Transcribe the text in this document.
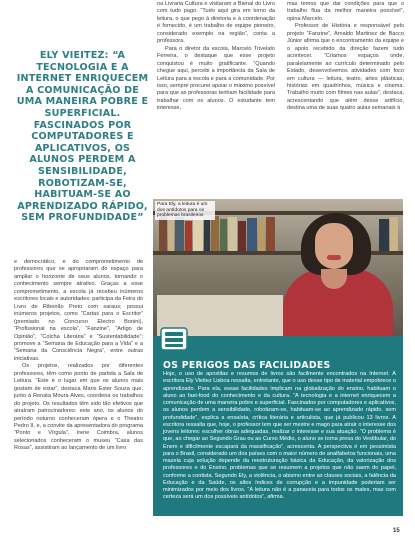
ELY VIEITEZ: “A TECNOLOGIA E A INTERNET ENRIQUECEM A COMUNICAÇÃO DE UMA MANEIRA POBRE E SUPERFICIAL. FASCINADOS POR COMPUTADORES E APLICATIVOS, OS ALUNOS PERDEM A SENSIBILIDADE, ROBOTIZAM-SE, HABITUAM-SE AO APRENDIZADO RÁPIDO, SEM PROFUNDIDADE”

e democrático, e do comprometimento de professores que se apropriaram do espaço para ampliar o horizonte de seus alunos, tornando o conhecimento sempre atrativo. Graças a esse comprometimento, a escola já recebeu inúmeros escritores locais e autoridades; participa da Feira do Livro de Ribeirão Preto com saraus; possui inúmeros projetos, como “Cartas para o Escritor” (premiado no Concurso Electro Bonini), “Profissional na escola”, “Fanzine”, “Artigo de Opinião”, “Colcha Literária” e “Sustentabilidade”; promove a “Semana de Educação para a Vida” e a “Semana da Consciência Negra”, entre outras iniciativas.

Os projetos, realizados por diferentes professores, têm como ponto de partida a Sala de Leitura. “Este é o lugar em que os alunos mais gostam de estar”, destaca Maris Ester Souza que, junto à Renata Moura Alves, coordena os trabalhos do projeto. Os resultados têm sido tão efetivos que atraíram patrocinadores: este ano, os alunos do período noturno conheceram ópera e o Theatro Pedro II, e, a convite da apresentadora do programa “Ponto e Vírgula”, Irene Coimbra, alunos selecionados conheceram o museu “Casa das Rosas”, assistiram ao lançamento de um livro

na Livraria Cultura e visitaram a Bienal do Livro com tudo pago. “Tudo aqui gira em torno da leitura, o que pego à diretoria e à coordenação é fornecido, é um trabalho de equipe pioneiro, considerado exemplo na região”, conta a professora.

Para o diretor da escola, Marcelo Trivelato Ferreira, o destaque que esse projeto conquistou é muito gratificante. “Quando chegue aqui, percebi a importância da Sala de Leitura para a escola e para a comunidade. Por isso, sempre procurei apoiar o máximo possível para que as professoras tenham facilidade para trabalhar com os alunos. O estudante tem interesse,

mas temos que dar condições para que o trabalho flua da melhor maneira possível”, opina Marcelo.

Professor de História e responsável pelo projeto “Fanzine”, Arnaldo Martinez de Bacco Júnior afirma que o encontramento da equipe e o apoio recebido da direção fazem tudo acontecer. “Criamos espaços onde, paralelamente ao currículo determinado pelo Estado, desenvolvemos atividades com foco em cultura — leitura, teatro, artes plásticas, histórias em quadrinhos, música e cinema. Trabalho muito com filmes nas aulas”, destaca, acrescentando que além desse artifício, destina uma de suas quatro aulas semanais à

Para Ely, a leitura é um dos antídotos para os problemas brasileiros
OS PERIGOS DAS FACILIDADES

Hoje, o uso de apostilas e resumos de livros são facilmente encontrados na Internet. A escritora Ely Vieitez Lisboa ressalta, entretanto, que o uso desse tipo de material empobrece o aprendizado. Para ela, essas facilidades implicam na globalização do ensino, habituam o aluno ao fast-food do conhecimento e da cultura. “A tecnologia e a internet enriquecem a comunicação de uma maneira pobre e superficial. Fascinados por computadores e aplicativos, os alunos perdem a sensibilidade, robotizam-se, habituam-se ao aprendizado rápido, sem profundidade”, explica a ensaísta, crítica literária e articulista, que já publicou 13 livros. A escritora ressalta que, hoje, o professor tem que ser mestre e mago para atrair o interesse dos jovens leitores: escolher obras adequadas, realizar o interesse e sua atuação. “O problema é que, ao chegar ao Segundo Grau ou ao Curso Médio, o aluno se torna presa do Vestibular, do Enem e dificilmente escapará da massificação”, acrescenta. A perspectiva é em pessimista para o Brasil, considerado um dos países com o maior número de analfabetos funcionais, uma mazela cuja solução depende da reestruturação básica da Educação, da valorização dos professores e do Ensino. problemas que se resumem a projetos que não saem do papel, conforme a contista. Segundo Ely, a violência, o abismo entre as classes sociais, a falência da Educação e da Saúde, os altos índices de corrupção e a impunidade poderiam ser minimizados por meio dos livros. “A leitura não é a panaceia para todos os males, mas com certeza será um dos possíveis antídotos”, afirma.

15
